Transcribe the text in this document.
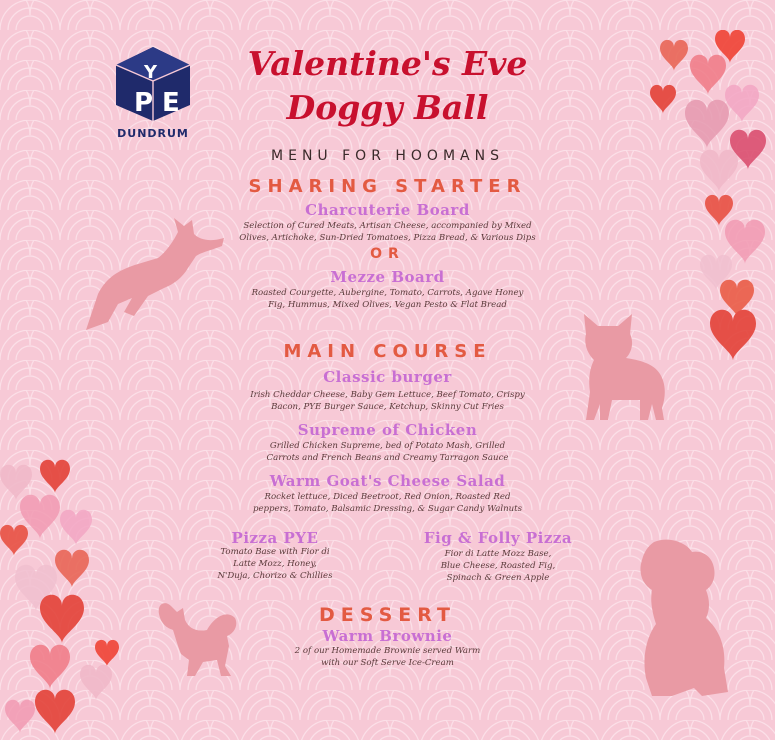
P
Y
E
DUNDRUM
Valentine's Eve
Doggy Ball
MENU FOR HOOMANS
SHARING STARTER
Charcuterie Board
Selection of Cured Meats, Artisan Cheese, accompanied by Mixed
Olives, Artichoke, Sun-Dried Tomatoes, Pizza Bread, & Various Dips
OR
Mezze Board
Roasted Courgette, Aubergine, Tomato, Carrots, Agave Honey
Fig, Hummus, Mixed Olives, Vegan Pesto & Flat Bread
MAIN COURSE
Classic burger
Irish Cheddar Cheese, Baby Gem Lettuce, Beef Tomato, Crispy
Bacon, PYE Burger Sauce, Ketchup, Skinny Cut Fries
Supreme of Chicken
Grilled Chicken Supreme, bed of Potato Mash, Grilled
Carrots and French Beans and Creamy Tarragon Sauce
Warm Goat's Cheese Salad
Rocket lettuce, Diced Beetroot, Red Onion, Roasted Red
peppers, Tomato, Balsamic Dressing, & Sugar Candy Walnuts
Pizza PYE
Tomato Base with Fior di
Latte Mozz, Honey,
N'Duja, Chorizo & Chillies
Fig & Folly Pizza
Fior di Latte Mozz Base,
Blue Cheese, Roasted Fig,
Spinach & Green Apple
DESSERT
Warm Brownie
2 of our Homemade Brownie served Warm
with our Soft Serve Ice-Cream
